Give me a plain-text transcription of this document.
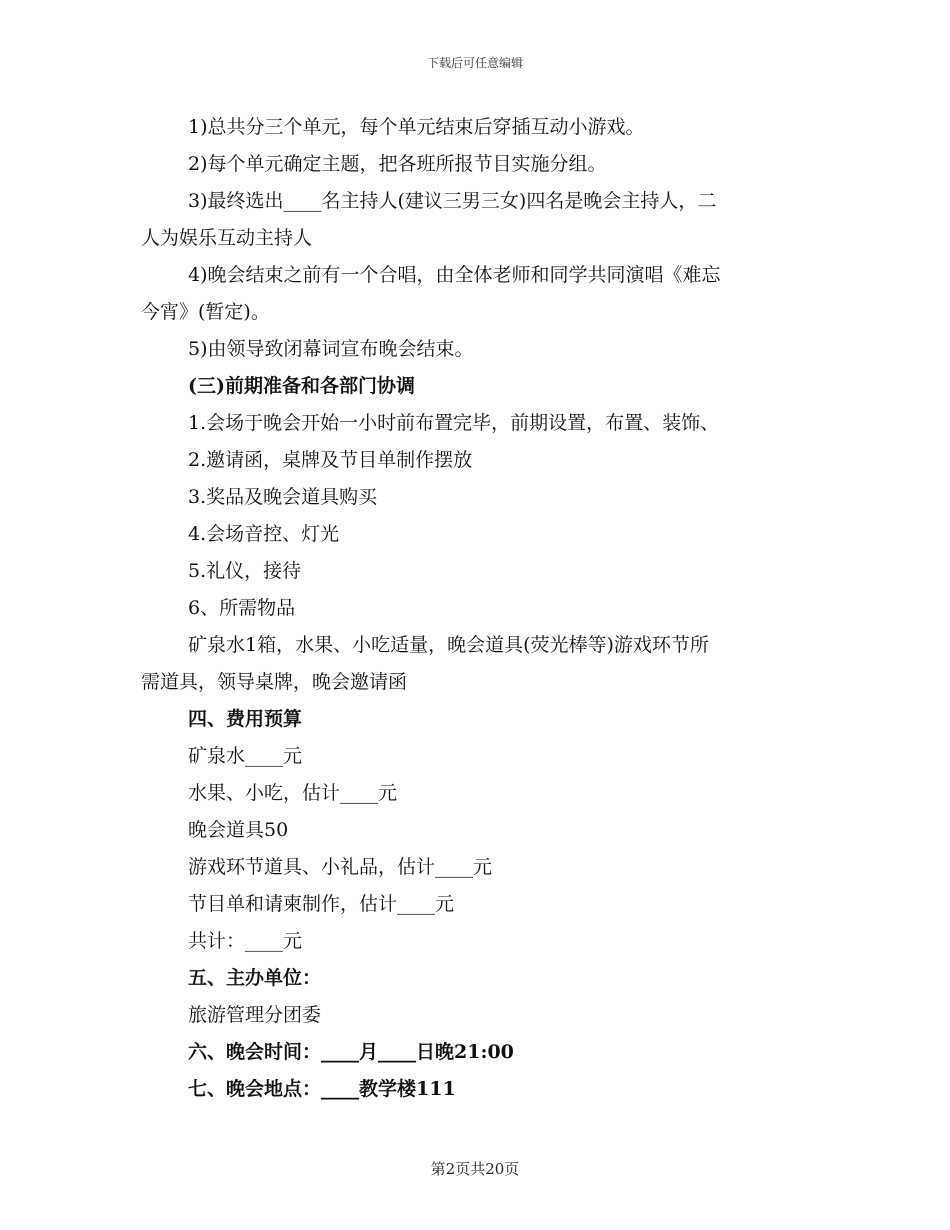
下载后可任意编辑
1)总共分三个单元，每个单元结束后穿插互动小游戏。
2)每个单元确定主题，把各班所报节目实施分组。
3)最终选出____名主持人(建议三男三女)四名是晚会主持人，二
人为娱乐互动主持人
4)晚会结束之前有一个合唱，由全体老师和同学共同演唱《难忘
今宵》(暂定)。
5)由领导致闭幕词宣布晚会结束。
(三)前期准备和各部门协调
1.会场于晚会开始一小时前布置完毕，前期设置，布置、装饰、
2.邀请函，桌牌及节目单制作摆放
3.奖品及晚会道具购买
4.会场音控、灯光
5.礼仪，接待
6、所需物品
矿泉水1箱，水果、小吃适量，晚会道具(荧光棒等)游戏环节所
需道具，领导桌牌，晚会邀请函
四、费用预算
矿泉水____元
水果、小吃，估计____元
晚会道具50
游戏环节道具、小礼品，估计____元
节目单和请柬制作，估计____元
共计：____元
五、主办单位：
旅游管理分团委
六、晚会时间：____月____日晚21:00
七、晚会地点：____教学楼111
第2页共20页
